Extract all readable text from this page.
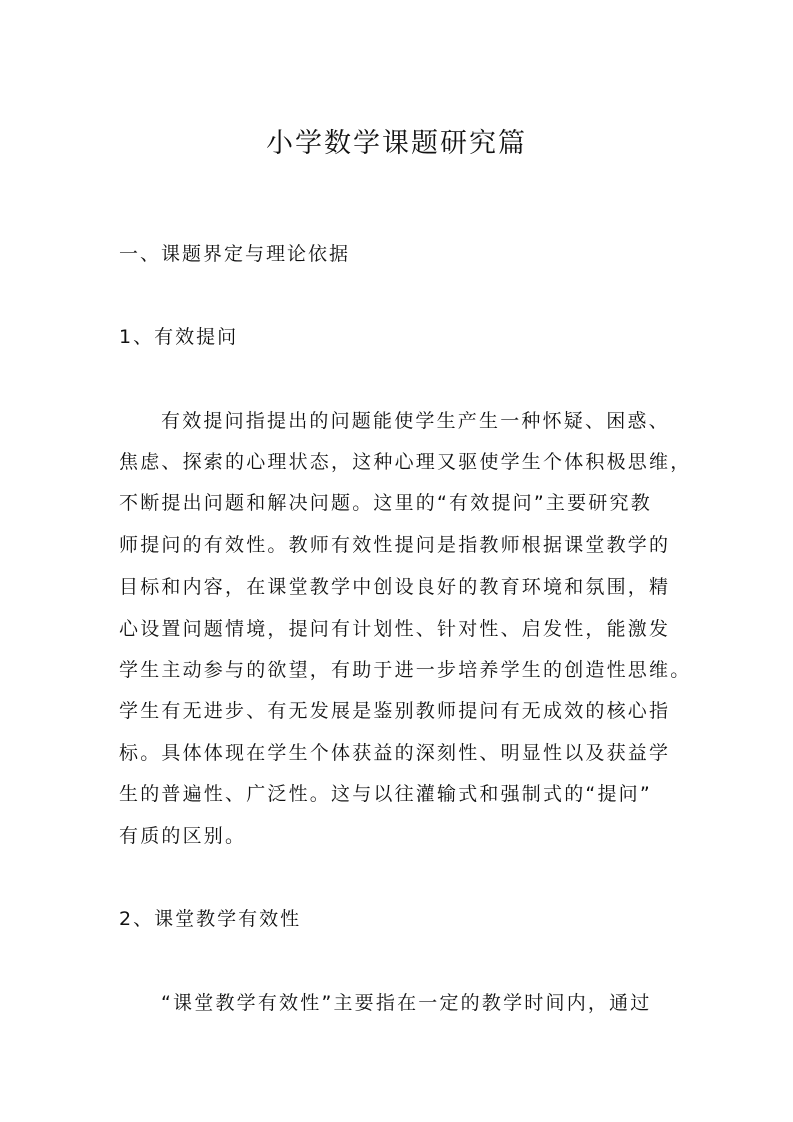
小学数学课题研究篇

一、课题界定与理论依据

1、有效提问

有效提问指提出的问题能使学生产生一种怀疑、困惑、

焦虑、探索的心理状态，这种心理又驱使学生个体积极思维，

不断提出问题和解决问题。这里的“有效提问”主要研究教

师提问的有效性。教师有效性提问是指教师根据课堂教学的

目标和内容，在课堂教学中创设良好的教育环境和氛围，精

心设置问题情境，提问有计划性、针对性、启发性，能激发

学生主动参与的欲望，有助于进一步培养学生的创造性思维。

学生有无进步、有无发展是鉴别教师提问有无成效的核心指

标。具体体现在学生个体获益的深刻性、明显性以及获益学

生的普遍性、广泛性。这与以往灌输式和强制式的“提问”

有质的区别。

2、课堂教学有效性

“课堂教学有效性”主要指在一定的教学时间内，通过
